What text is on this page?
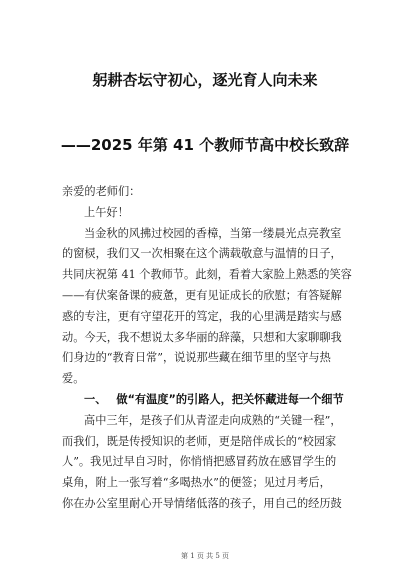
躬耕杏坛守初心，逐光育人向未来
——2025 年第 41 个教师节高中校长致辞
亲爱的老师们：
上午好！
当金秋的风拂过校园的香樟，当第一缕晨光点亮教室
的窗棂，我们又一次相聚在这个满载敬意与温情的日子，
共同庆祝第 41 个教师节。此刻，看着大家脸上熟悉的笑容
——有伏案备课的疲惫，更有见证成长的欣慰；有答疑解
惑的专注，更有守望花开的笃定，我的心里满是踏实与感
动。今天，我不想说太多华丽的辞藻，只想和大家聊聊我
们身边的“教育日常”，说说那些藏在细节里的坚守与热
爱。
一、 做“有温度”的引路人，把关怀藏进每一个细节
高中三年，是孩子们从青涩走向成熟的“关键一程”，
而我们，既是传授知识的老师，更是陪伴成长的“校园家
人”。我见过早自习时，你悄悄把感冒药放在感冒学生的
桌角，附上一张写着“多喝热水”的便签；见过月考后，
你在办公室里耐心开导情绪低落的孩子，用自己的经历鼓
第 1 页 共 5 页
